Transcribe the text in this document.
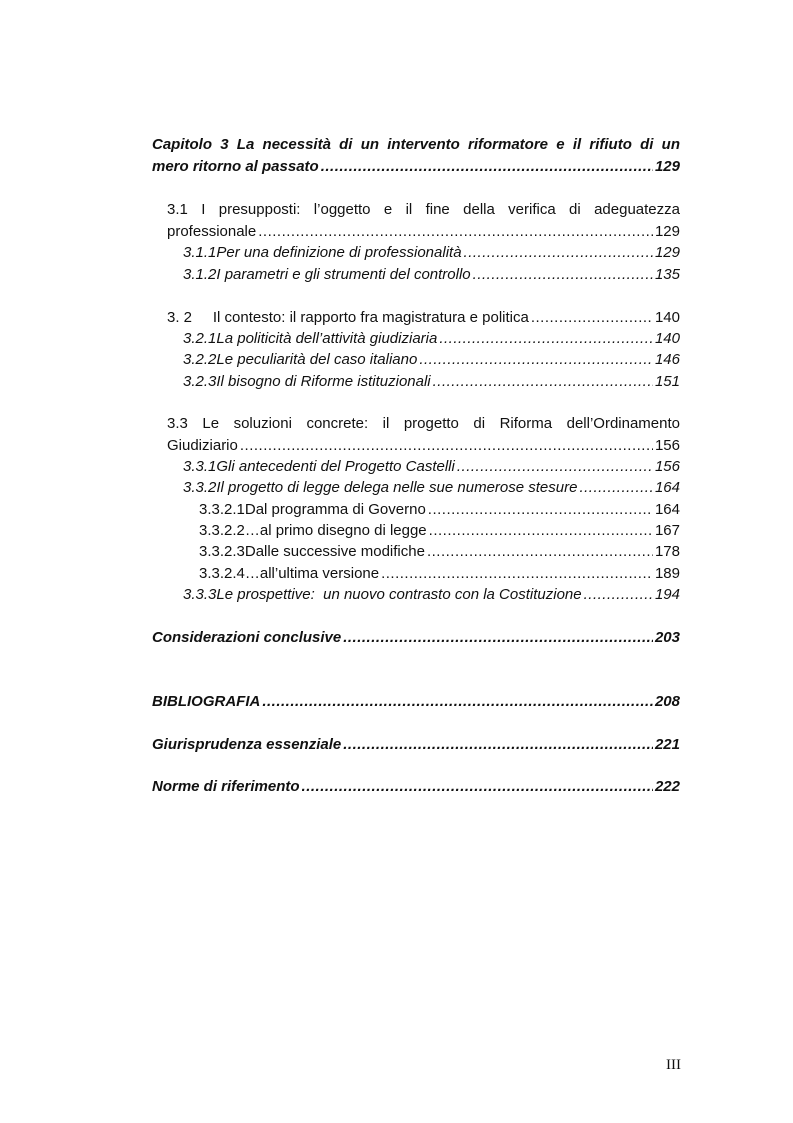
Capitolo 3 La necessità di un intervento riformatore e il rifiuto di un
mero ritorno al passato .....	129
3.1 I presupposti: l’oggetto e il fine della verifica di adeguatezza
professionale .....	129
3.1.1 Per una definizione di professionalità .....	129
3.1.2 I parametri e gli strumenti del controllo .....	135
3. 2     Il contesto: il rapporto fra magistratura e politica .....	140
3.2.1 La politicità dell’attività giudiziaria .....	140
3.2.2 Le peculiarità del caso italiano .....	146
3.2.3 Il bisogno di Riforme istituzionali .....	151
3.3 Le soluzioni concrete: il progetto di Riforma dell’Ordinamento
Giudiziario .....	156
3.3.1 Gli antecedenti del Progetto Castelli .....	156
3.3.2 Il progetto di legge delega nelle sue numerose stesure .....	164
3.3.2.1 Dal programma di Governo .....	164
3.3.2.2 …al primo disegno di legge .....	167
3.3.2.3 Dalle successive modifiche .....	178
3.3.2.4 …all’ultima versione .....	189
3.3.3 Le prospettive:  un nuovo contrasto con la Costituzione .....	194
Considerazioni conclusive .....	203
BIBLIOGRAFIA .....	208
Giurisprudenza essenziale .....	221
Norme di riferimento .....	222
III
